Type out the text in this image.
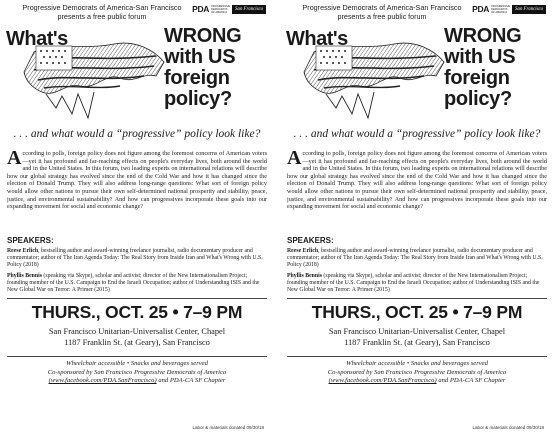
Progressive Democrats of America-San Francisco
presents a free public forum
PDA PROGRESSIVE DEMOCRATS OF AMERICA
San Francisco
What's	WRONG
with US
foreign
policy?
. . . and what would a “progressive” policy look like?
According to polls, foreign policy does not figure among the foremost concerns of American voters—yet it has profound and far-reaching effects on people's everyday lives, both around the world and in the United States. In this forum, two leading experts on international relations will describe how our global strategy has evolved since the end of the Cold War and how it has changed since the election of Donald Trump. They will also address long-range questions: What sort of foreign policy would allow other nations to pursue their own self-determined national prosperity and stability, peace, justice, and environmental sustainability? And how can progressives incorporate these goals into our expanding movement for social and economic change?
SPEAKERS:
Reese Erlich, bestselling author and award-winning freelance journalist, radio documentary producer and commentator; author of The Iran Agenda Today: The Real Story from Inside Iran and What's Wrong with U.S. Policy (2018)
Phyllis Bennis (speaking via Skype), scholar and activist; director of the New Internationalism Project; founding member of the U.S. Campaign to End the Israeli Occupation; author of Understanding ISIS and the New Global War on Terror: A Primer (2015)
THURS., OCT. 25 • 7–9 PM
San Francisco Unitarian-Universalist Center, Chapel
1187 Franklin St. (at Geary), San Francisco
Wheelchair accessible • Snacks and beverages served
Co-sponsored by San Francisco Progressive Democrats of America
(www.facebook.com/PDA.SanFrancisco) and PDA-CA SF Chapter
Labor & materials donated 09/30/18
Progressive Democrats of America-San Francisco
presents a free public forum
PDA PROGRESSIVE DEMOCRATS OF AMERICA
San Francisco
What's	WRONG
with US
foreign
policy?
. . . and what would a “progressive” policy look like?
According to polls, foreign policy does not figure among the foremost concerns of American voters—yet it has profound and far-reaching effects on people's everyday lives, both around the world and in the United States. In this forum, two leading experts on international relations will describe how our global strategy has evolved since the end of the Cold War and how it has changed since the election of Donald Trump. They will also address long-range questions: What sort of foreign policy would allow other nations to pursue their own self-determined national prosperity and stability, peace, justice, and environmental sustainability? And how can progressives incorporate these goals into our expanding movement for social and economic change?
SPEAKERS:
Reese Erlich, bestselling author and award-winning freelance journalist, radio documentary producer and commentator; author of The Iran Agenda Today: The Real Story from Inside Iran and What's Wrong with U.S. Policy (2018)
Phyllis Bennis (speaking via Skype), scholar and activist; director of the New Internationalism Project; founding member of the U.S. Campaign to End the Israeli Occupation; author of Understanding ISIS and the New Global War on Terror: A Primer (2015)
THURS., OCT. 25 • 7–9 PM
San Francisco Unitarian-Universalist Center, Chapel
1187 Franklin St. (at Geary), San Francisco
Wheelchair accessible • Snacks and beverages served
Co-sponsored by San Francisco Progressive Democrats of America
(www.facebook.com/PDA.SanFrancisco) and PDA-CA SF Chapter
Labor & materials donated 09/30/18
